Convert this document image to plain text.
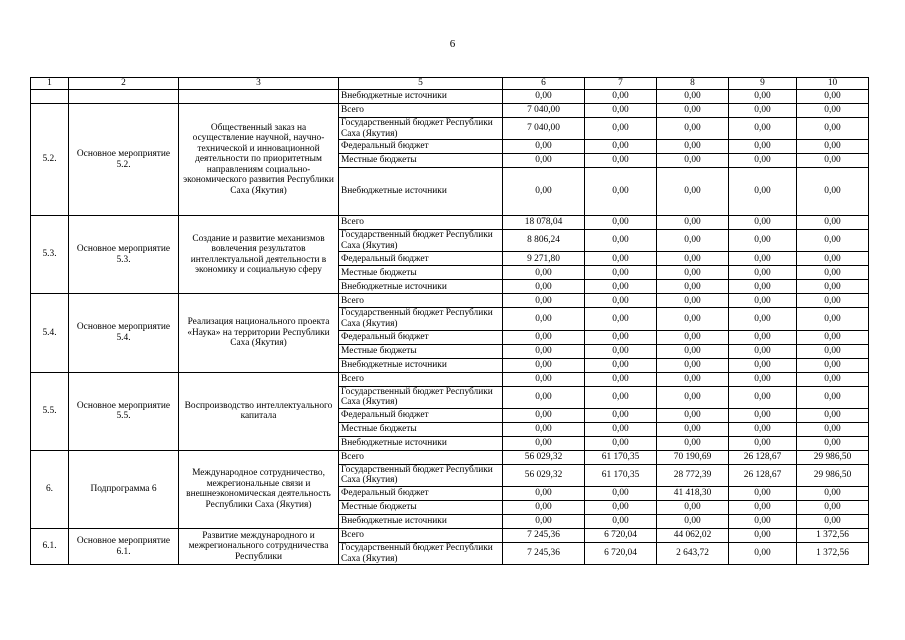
6
1	2	3	5	6	7	8	9	10
			Внебюджетные источники	0,00	0,00	0,00	0,00	0,00
5.2.	Основное мероприятие 5.2.	Общественный заказ на осуществление научной, научно-технической и инновационной деятельности по приоритетным направлениям социально-экономического развития Республики Саха (Якутия)	Всего	7 040,00	0,00	0,00	0,00	0,00
			Государственный бюджет Республики Саха (Якутия)	7 040,00	0,00	0,00	0,00	0,00
			Федеральный бюджет	0,00	0,00	0,00	0,00	0,00
			Местные бюджеты	0,00	0,00	0,00	0,00	0,00
			Внебюджетные источники	0,00	0,00	0,00	0,00	0,00
5.3.	Основное мероприятие 5.3.	Создание и развитие механизмов вовлечения результатов интеллектуальной деятельности в экономику и социальную сферу	Всего	18 078,04	0,00	0,00	0,00	0,00
			Государственный бюджет Республики Саха (Якутия)	8 806,24	0,00	0,00	0,00	0,00
			Федеральный бюджет	9 271,80	0,00	0,00	0,00	0,00
			Местные бюджеты	0,00	0,00	0,00	0,00	0,00
			Внебюджетные источники	0,00	0,00	0,00	0,00	0,00
5.4.	Основное мероприятие 5.4.	Реализация национального проекта «Наука» на территории Республики Саха (Якутия)	Всего	0,00	0,00	0,00	0,00	0,00
			Государственный бюджет Республики Саха (Якутия)	0,00	0,00	0,00	0,00	0,00
			Федеральный бюджет	0,00	0,00	0,00	0,00	0,00
			Местные бюджеты	0,00	0,00	0,00	0,00	0,00
			Внебюджетные источники	0,00	0,00	0,00	0,00	0,00
5.5.	Основное мероприятие 5.5.	Воспроизводство интеллектуального капитала	Всего	0,00	0,00	0,00	0,00	0,00
			Государственный бюджет Республики Саха (Якутия)	0,00	0,00	0,00	0,00	0,00
			Федеральный бюджет	0,00	0,00	0,00	0,00	0,00
			Местные бюджеты	0,00	0,00	0,00	0,00	0,00
			Внебюджетные источники	0,00	0,00	0,00	0,00	0,00
6.	Подпрограмма 6	Международное сотрудничество, межрегиональные связи и внешнеэкономическая деятельность Республики Саха (Якутия)	Всего	56 029,32	61 170,35	70 190,69	26 128,67	29 986,50
			Государственный бюджет Республики Саха (Якутия)	56 029,32	61 170,35	28 772,39	26 128,67	29 986,50
			Федеральный бюджет	0,00	0,00	41 418,30	0,00	0,00
			Местные бюджеты	0,00	0,00	0,00	0,00	0,00
			Внебюджетные источники	0,00	0,00	0,00	0,00	0,00
6.1.	Основное мероприятие 6.1.	Развитие международного и межрегионального сотрудничества Республики	Всего	7 245,36	6 720,04	44 062,02	0,00	1 372,56
			Государственный бюджет Республики Саха (Якутия)	7 245,36	6 720,04	2 643,72	0,00	1 372,56
